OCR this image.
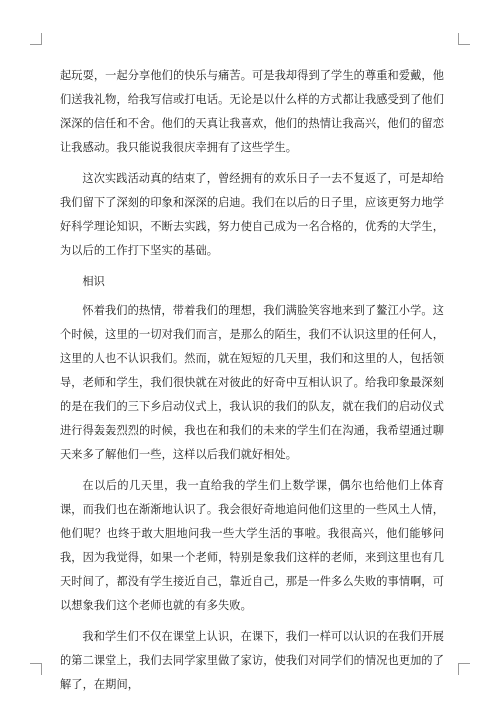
起玩耍，一起分享他们的快乐与痛苦。可是我却得到了学生的尊重和爱戴，他们送我礼物，给我写信或打电话。无论是以什么样的方式都让我感受到了他们深深的信任和不舍。他们的天真让我喜欢，他们的热情让我高兴，他们的留恋让我感动。我只能说我很庆幸拥有了这些学生。

这次实践活动真的结束了，曾经拥有的欢乐日子一去不复返了，可是却给我们留下了深刻的印象和深深的启迪。我们在以后的日子里，应该更努力地学好科学理论知识，不断去实践，努力使自己成为一名合格的，优秀的大学生，为以后的工作打下坚实的基础。

相识

怀着我们的热情，带着我们的理想，我们满脸笑容地来到了鳌江小学。这个时候，这里的一切对我们而言，是那么的陌生，我们不认识这里的任何人，这里的人也不认识我们。然而，就在短短的几天里，我们和这里的人，包括领导，老师和学生，我们很快就在对彼此的好奇中互相认识了。给我印象最深刻的是在我们的三下乡启动仪式上，我认识的我们的队友，就在我们的启动仪式进行得轰轰烈烈的时候，我也在和我们的未来的学生们在沟通，我希望通过聊天来多了解他们一些，这样以后我们就好相处。

在以后的几天里，我一直给我的学生们上数学课，偶尔也给他们上体育课，而我们也在渐渐地认识了。我会很好奇地追问他们这里的一些风土人情，他们呢？也终于敢大胆地问我一些大学生活的事啦。我很高兴，他们能够问我，因为我觉得，如果一个老师，特别是象我们这样的老师，来到这里也有几天时间了，都没有学生接近自己，靠近自己，那是一件多么失败的事情啊，可以想象我们这个老师也就的有多失败。

我和学生们不仅在课堂上认识，在课下，我们一样可以认识的在我们开展的第二课堂上，我们去同学家里做了家访，使我们对同学们的情况也更加的了解了，在期间，
